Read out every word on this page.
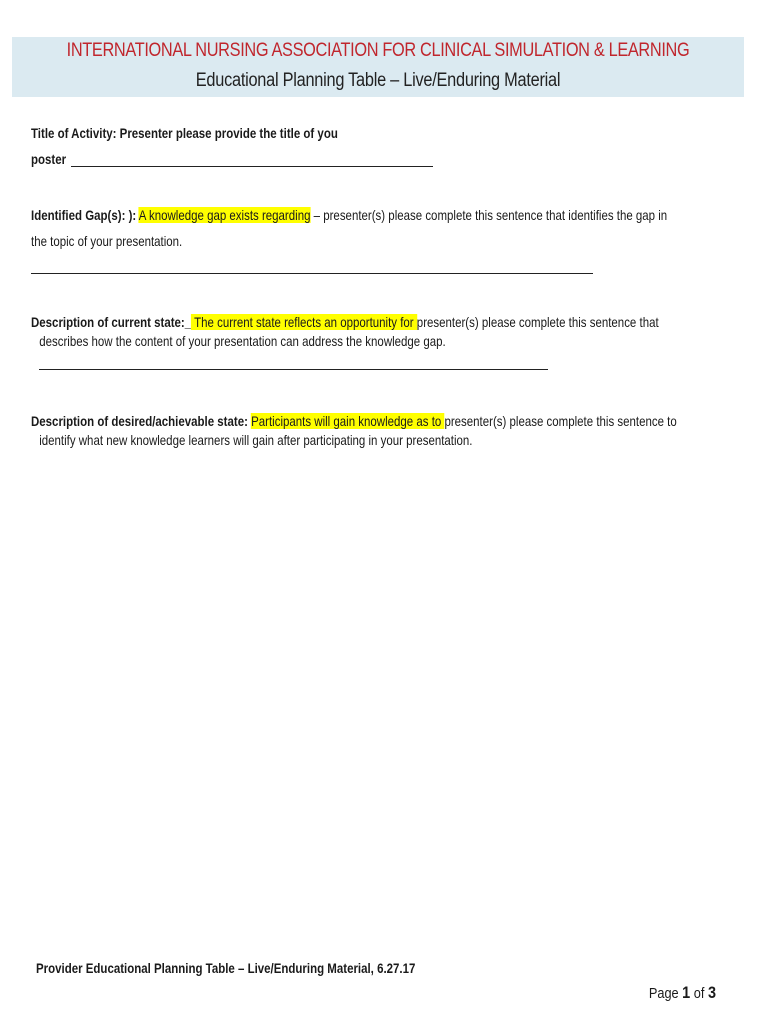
INTERNATIONAL NURSING ASSOCIATION FOR CLINICAL SIMULATION & LEARNING
Educational Planning Table – Live/Enduring Material
Title of Activity: Presenter please provide the title of you
poster
Identified Gap(s): ): A knowledge gap exists regarding – presenter(s) please complete this sentence that identifies the gap in
the topic of your presentation.
Description of current state:_ The current state reflects an opportunity for presenter(s) please complete this sentence that
describes how the content of your presentation can address the knowledge gap.
Description of desired/achievable state: Participants will gain knowledge as to presenter(s) please complete this sentence to
identify what new knowledge learners will gain after participating in your presentation.
Provider Educational Planning Table – Live/Enduring Material, 6.27.17
Page 1 of 3
